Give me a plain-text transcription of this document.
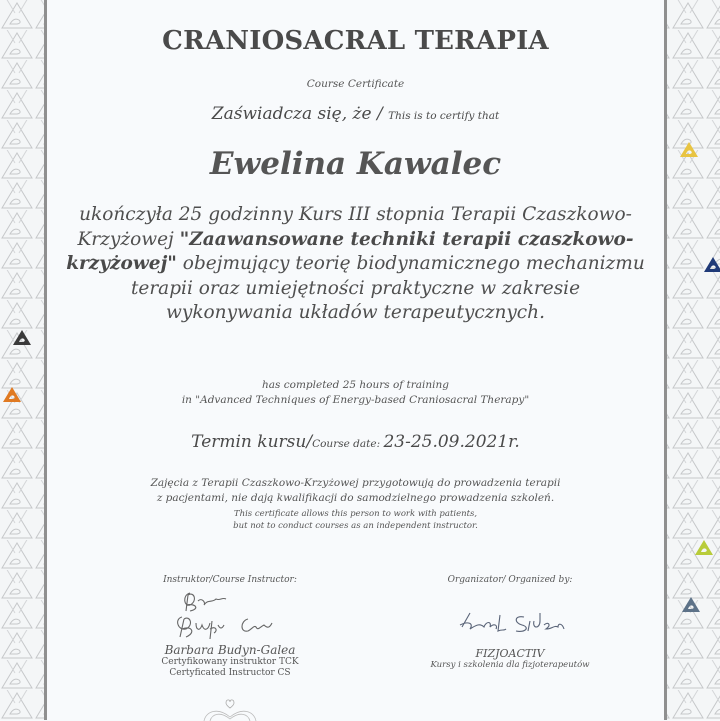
CRANIOSACRAL TERAPIA
Course Certificate
Zaświadcza się, że / This is to certify that
Ewelina Kawalec
ukończyła 25 godzinny Kurs III stopnia Terapii Czaszkowo-Krzyżowej "Zaawansowane techniki terapii czaszkowo-krzyżowej" obejmujący teorię biodynamicznego mechanizmu terapii oraz umiejętności praktyczne w zakresie wykonywania układów terapeutycznych.
has completed 25 hours of training
in "Advanced Techniques of Energy-based Craniosacral Therapy"
Termin kursu/Course date: 23-25.09.2021r.
Zajęcia z Terapii Czaszkowo-Krzyżowej przygotowują do prowadzenia terapii
z pacjentami, nie dają kwalifikacji do samodzielnego prowadzenia szkoleń.
This certificate allows this person to work with patients,
but not to conduct courses as an independent instructor.
Instruktor/Course Instructor:
Barbara Budyn-Galea
Certyfikowany instruktor TCK
Certyficated Instructor CS
Organizator/ Organized by:
FIZJOACTIV
Kursy i szkolenia dla fizjoterapeutów
